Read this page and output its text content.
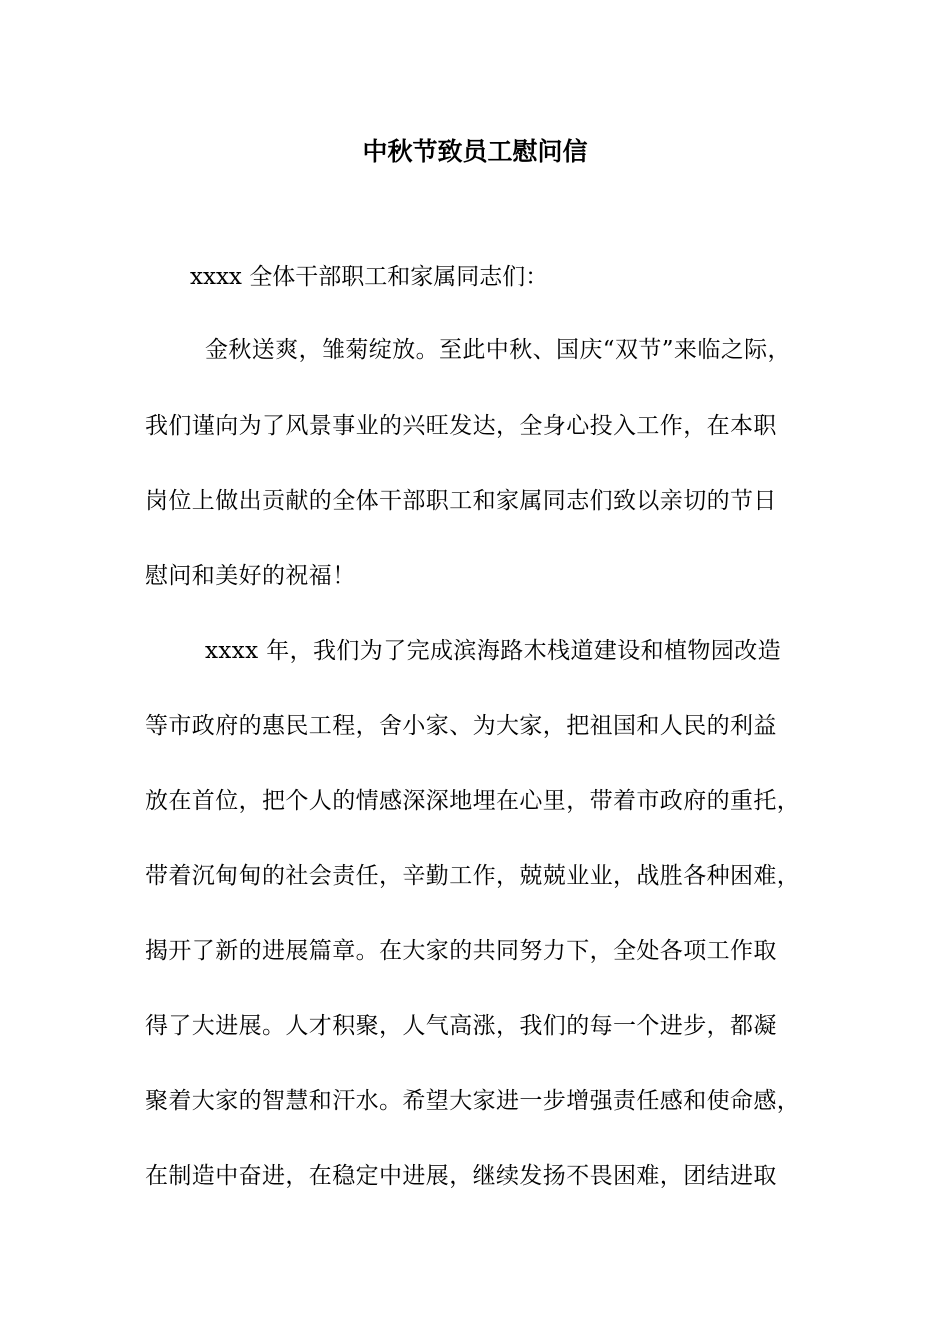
中秋节致员工慰问信
xxxx 全体干部职工和家属同志们：
金秋送爽，雏菊绽放。至此中秋、国庆“双节”来临之际，
我们谨向为了风景事业的兴旺发达，全身心投入工作，在本职
岗位上做出贡献的全体干部职工和家属同志们致以亲切的节日
慰问和美好的祝福！
xxxx 年，我们为了完成滨海路木栈道建设和植物园改造
等市政府的惠民工程，舍小家、为大家，把祖国和人民的利益
放在首位，把个人的情感深深地埋在心里，带着市政府的重托，
带着沉甸甸的社会责任，辛勤工作，兢兢业业，战胜各种困难，
揭开了新的进展篇章。在大家的共同努力下，全处各项工作取
得了大进展。人才积聚，人气高涨，我们的每一个进步，都凝
聚着大家的智慧和汗水。希望大家进一步增强责任感和使命感，
在制造中奋进，在稳定中进展，继续发扬不畏困难，团结进取
